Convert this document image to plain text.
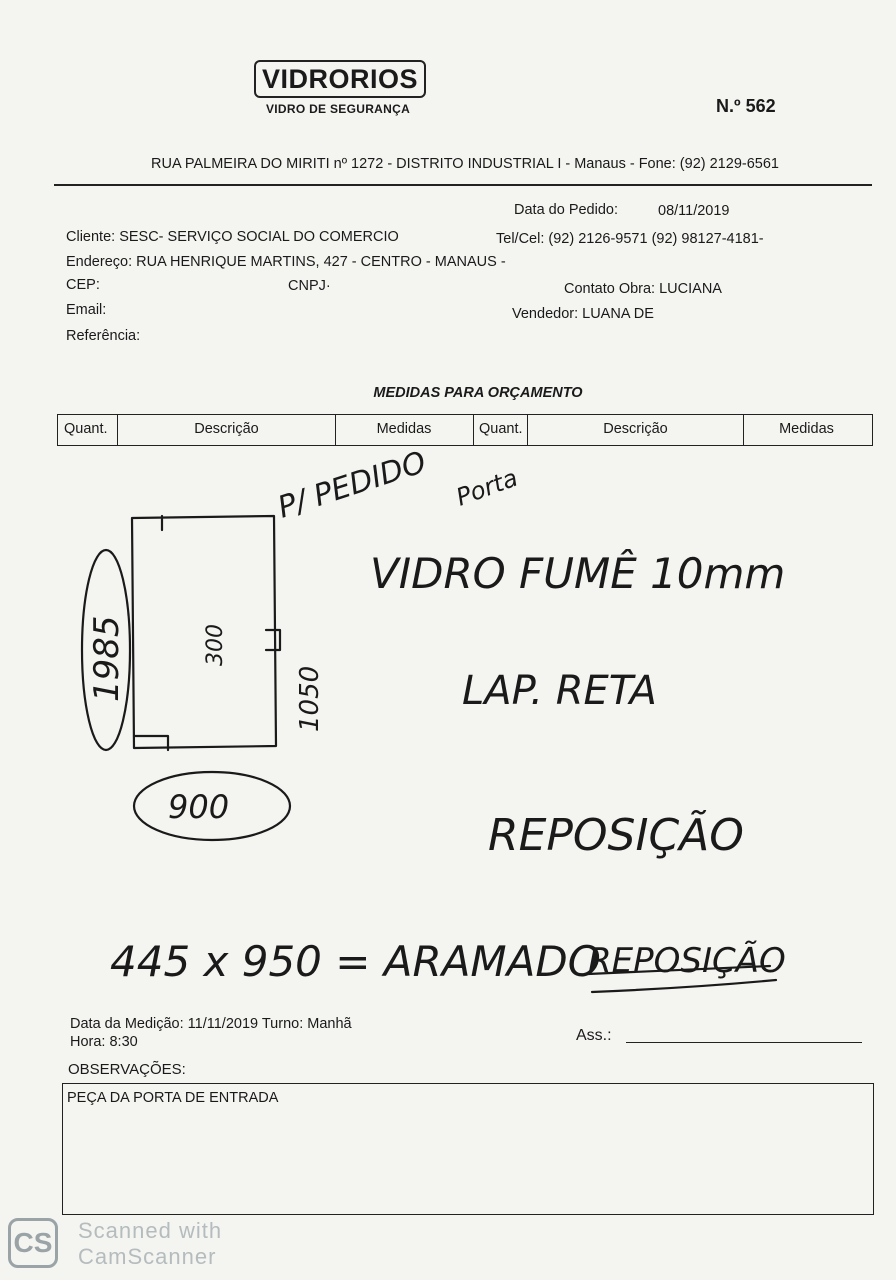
VIDRORIOS
VIDRO DE SEGURANÇA	N.º 562
RUA PALMEIRA DO MIRITI nº 1272 - DISTRITO INDUSTRIAL I - Manaus - Fone: (92) 2129-6561
Data do Pedido:	08/11/2019
Cliente: SESC- SERVIÇO SOCIAL DO COMERCIO	Tel/Cel: (92) 2126-9571 (92) 98127-4181-
Endereço: RUA HENRIQUE MARTINS, 427 - CENTRO - MANAUS -
CEP:	CNPJ·	Contato Obra: LUCIANA
Email:	Vendedor: LUANA DE
Referência:
MEDIDAS PARA ORÇAMENTO
Quant.	Descrição	Medidas	Quant.	Descrição	Medidas
P/ PEDIDO Porta
1985
900
1050
300
VIDRO FUMÊ 10mm
LAP. RETA
REPOSIÇÃO
445 x 950 = ARAMADO
REPOSIÇÃO
Data da Medição: 11/11/2019 Turno: Manhã
Hora: 8:30	Ass.:
OBSERVAÇÕES:
PEÇA DA PORTA DE ENTRADA
CS Scanned with
CamScanner
